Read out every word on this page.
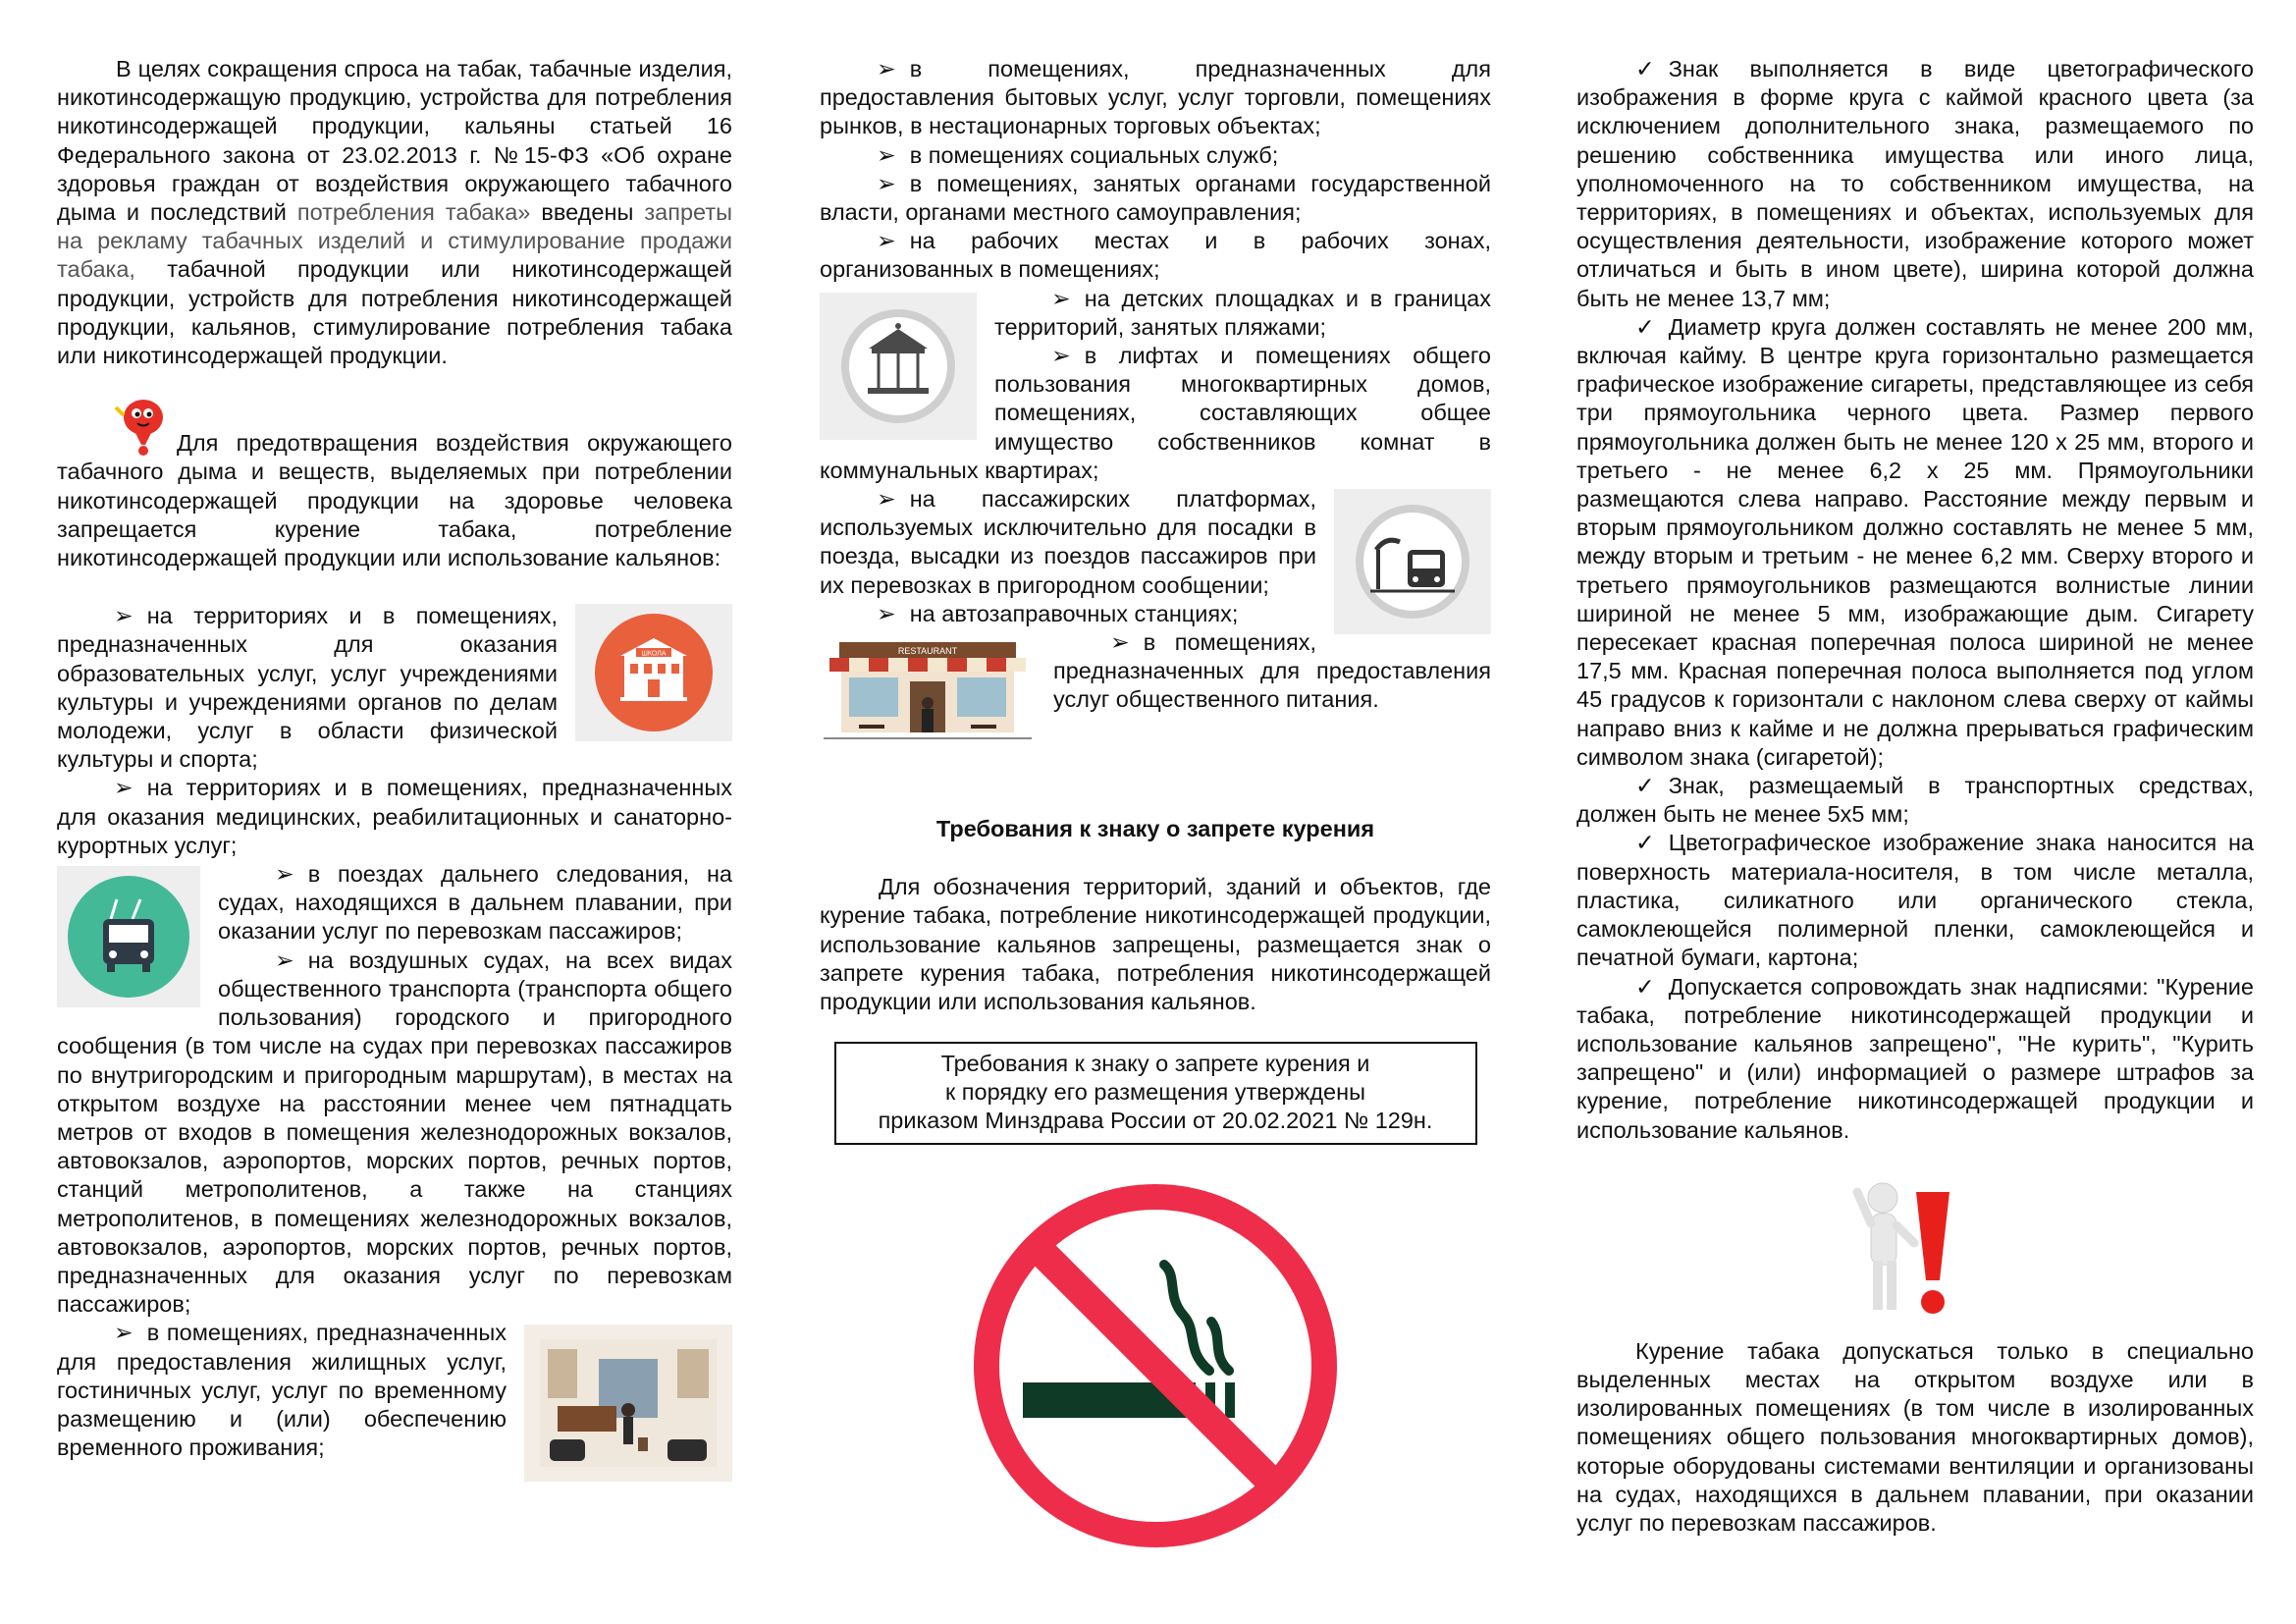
В целях сокращения спроса на табак, табачные изделия, никотинсодержащую продукцию, устройства для потребления никотинсодержащей продукции, кальяны статьей 16 Федерального закона от 23.02.2013 г. №15-ФЗ «Об охране здоровья граждан от воздействия окружающего табачного дыма и последствий потребления табака» введены запреты на рекламу табачных изделий и стимулирование продажи табака, табачной продукции или никотинсодержащей продукции, устройств для потребления никотинсодержащей продукции, кальянов, стимулирование потребления табака или никотинсодержащей продукции.

Для предотвращения воздействия окружающего табачного дыма и веществ, выделяемых при потреблении никотинсодержащей продукции на здоровье человека запрещается курение табака, потребление никотинсодержащей продукции или использование кальянов:

ШКОЛА

➢ на территориях и в помещениях, предназначенных для оказания образовательных услуг, услуг учреждениями культуры и учреждениями органов по делам молодежи, услуг в области физической культуры и спорта;

➢ на территориях и в помещениях, предназначенных для оказания медицинских, реабилитационных и санаторно-курортных услуг;

➢ в поездах дальнего следования, на судах, находящихся в дальнем плавании, при оказании услуг по перевозкам пассажиров;

➢ на воздушных судах, на всех видах общественного транспорта (транспорта общего пользования) городского и пригородного сообщения (в том числе на судах при перевозках пассажиров по внутригородским и пригородным маршрутам), в местах на открытом воздухе на расстоянии менее чем пятнадцать метров от входов в помещения железнодорожных вокзалов, автовокзалов, аэропортов, морских портов, речных портов, станций метрополитенов, а также на станциях метрополитенов, в помещениях железнодорожных вокзалов, автовокзалов, аэропортов, морских портов, речных портов, предназначенных для оказания услуг по перевозкам пассажиров;

➢ в помещениях, предназначенных для предоставления жилищных услуг, гостиничных услуг, услуг по временному размещению и (или) обеспечению временного проживания;

➢ в помещениях, предназначенных для предоставления бытовых услуг, услуг торговли, помещениях рынков, в нестационарных торговых объектах;

➢ в помещениях социальных служб;

➢ в помещениях, занятых органами государственной власти, органами местного самоуправления;

➢ на рабочих местах и в рабочих зонах, организованных в помещениях;

➢ на детских площадках и в границах территорий, занятых пляжами;

➢ в лифтах и помещениях общего пользования многоквартирных домов, помещениях, составляющих общее имущество собственников комнат в коммунальных квартирах;

➢ на пассажирских платформах, используемых исключительно для посадки в поезда, высадки из поездов пассажиров при их перевозках в пригородном сообщении;

➢ на автозаправочных станциях;

RESTAURANT	➢ в помещениях, предназначенных для предоставления услуг общественного питания.

Требования к знаку о запрете курения

Для обозначения территорий, зданий и объектов, где курение табака, потребление никотинсодержащей продукции, использование кальянов запрещены, размещается знак о запрете курения табака, потребления никотинсодержащей продукции или использования кальянов.

Требования к знаку о запрете курения и
к порядку его размещения утверждены
приказом Минздрава России от 20.02.2021 № 129н.

✓ Знак выполняется в виде цветографического изображения в форме круга с каймой красного цвета (за исключением дополнительного знака, размещаемого по решению собственника имущества или иного лица, уполномоченного на то собственником имущества, на территориях, в помещениях и объектах, используемых для осуществления деятельности, изображение которого может отличаться и быть в ином цвете), ширина которой должна быть не менее 13,7 мм;

✓ Диаметр круга должен составлять не менее 200 мм, включая кайму. В центре круга горизонтально размещается графическое изображение сигареты, представляющее из себя три прямоугольника черного цвета. Размер первого прямоугольника должен быть не менее 120 х 25 мм, второго и третьего - не менее 6,2 х 25 мм. Прямоугольники размещаются слева направо. Расстояние между первым и вторым прямоугольником должно составлять не менее 5 мм, между вторым и третьим - не менее 6,2 мм. Сверху второго и третьего прямоугольников размещаются волнистые линии шириной не менее 5 мм, изображающие дым. Сигарету пересекает красная поперечная полоса шириной не менее 17,5 мм. Красная поперечная полоса выполняется под углом 45 градусов к горизонтали с наклоном слева сверху от каймы направо вниз к кайме и не должна прерываться графическим символом знака (сигаретой);

✓ Знак, размещаемый в транспортных средствах, должен быть не менее 5х5 мм;

✓ Цветографическое изображение знака наносится на поверхность материала-носителя, в том числе металла, пластика, силикатного или органического стекла, самоклеющейся полимерной пленки, самоклеющейся и печатной бумаги, картона;

✓ Допускается сопровождать знак надписями: "Курение табака, потребление никотинсодержащей продукции и использование кальянов запрещено", "Не курить", "Курить запрещено" и (или) информацией о размере штрафов за курение, потребление никотинсодержащей продукции и использование кальянов.

Курение табака допускаться только в специально выделенных местах на открытом воздухе или в изолированных помещениях (в том числе в изолированных помещениях общего пользования многоквартирных домов), которые оборудованы системами вентиляции и организованы на судах, находящихся в дальнем плавании, при оказании услуг по перевозкам пассажиров.
